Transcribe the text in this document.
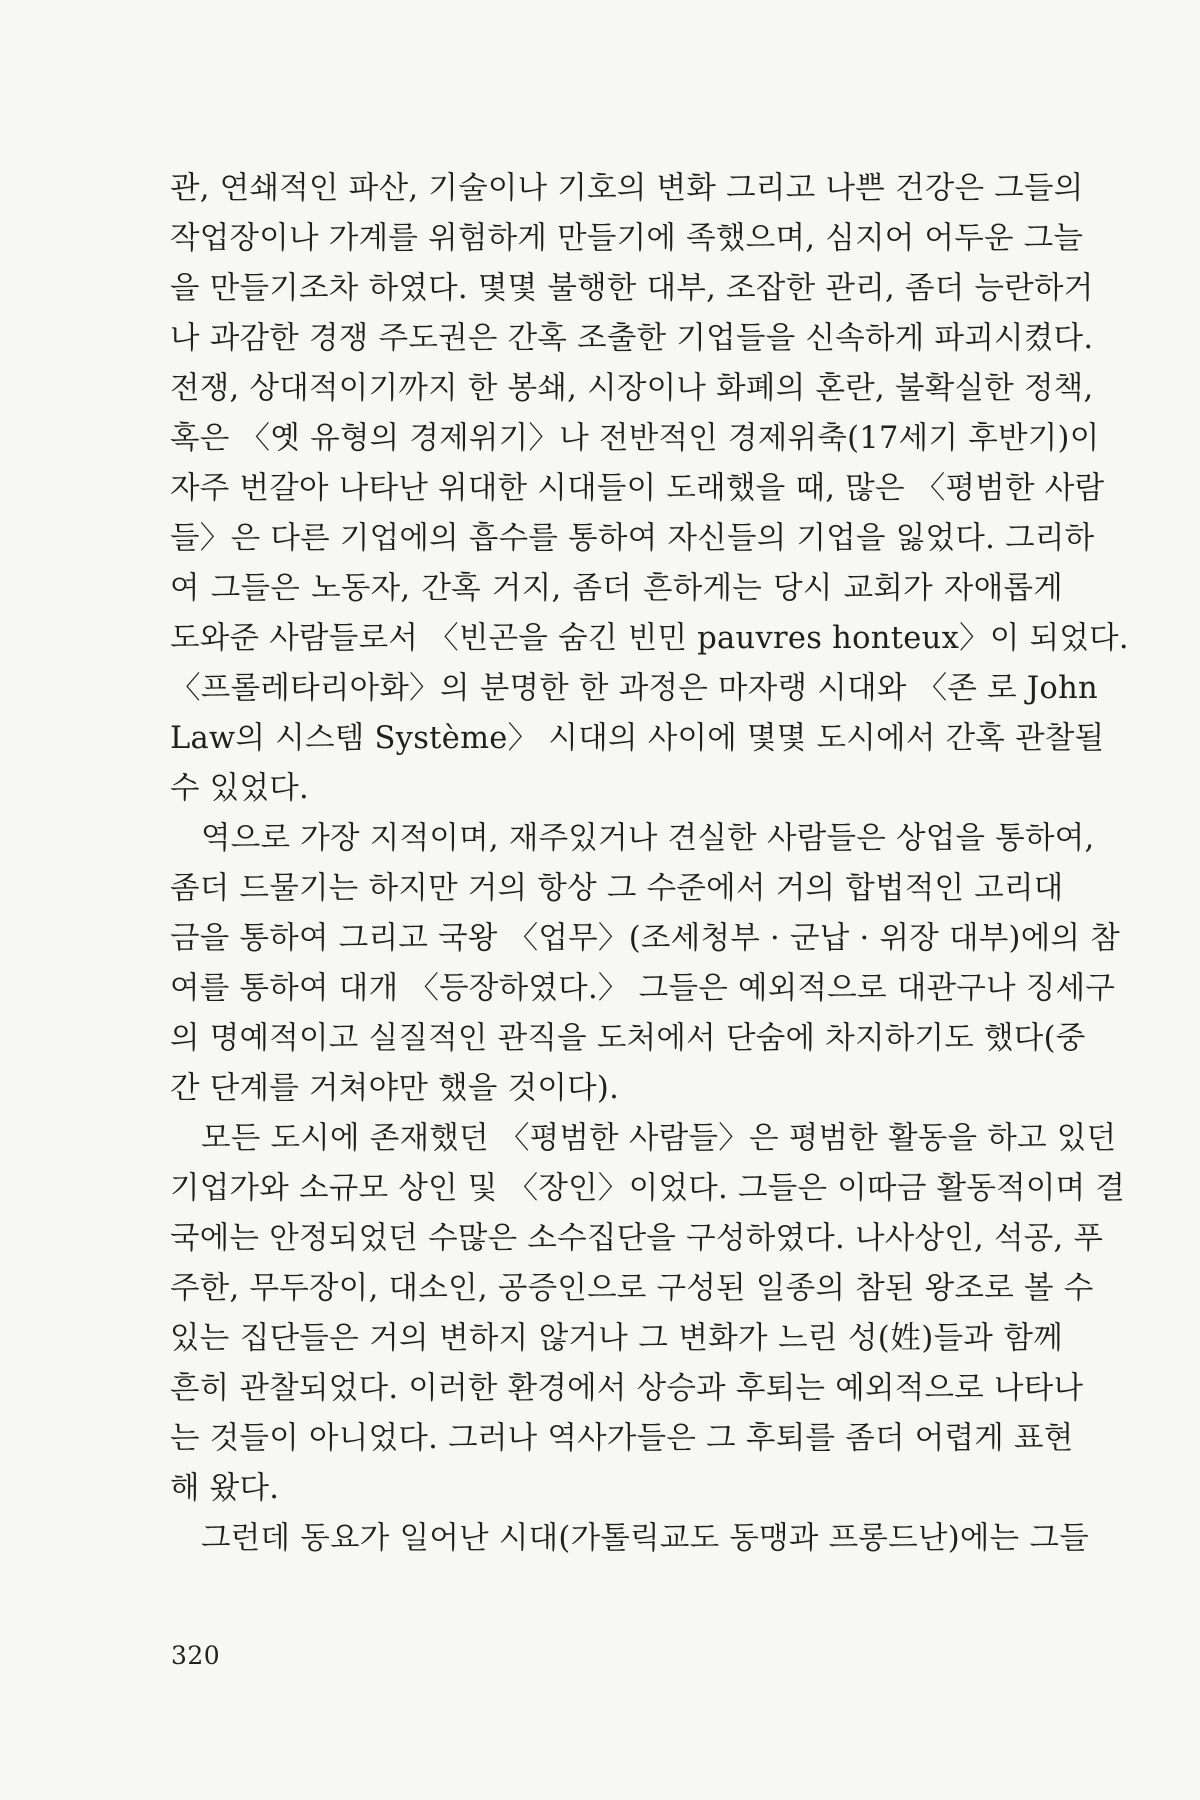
관, 연쇄적인 파산, 기술이나 기호의 변화 그리고 나쁜 건강은 그들의
작업장이나 가계를 위험하게 만들기에 족했으며, 심지어 어두운 그늘
을 만들기조차 하였다. 몇몇 불행한 대부, 조잡한 관리, 좀더 능란하거
나 과감한 경쟁 주도권은 간혹 조출한 기업들을 신속하게 파괴시켰다.
전쟁, 상대적이기까지 한 봉쇄, 시장이나 화폐의 혼란, 불확실한 정책,
혹은 〈옛 유형의 경제위기〉나 전반적인 경제위축(17세기 후반기)이
자주 번갈아 나타난 위대한 시대들이 도래했을 때, 많은 〈평범한 사람
들〉은 다른 기업에의 흡수를 통하여 자신들의 기업을 잃었다. 그리하
여 그들은 노동자, 간혹 거지, 좀더 흔하게는 당시 교회가 자애롭게
도와준 사람들로서 〈빈곤을 숨긴 빈민 pauvres honteux〉이 되었다.
〈프롤레타리아화〉의 분명한 한 과정은 마자랭 시대와 〈존 로 John
Law의 시스템 Système〉 시대의 사이에 몇몇 도시에서 간혹 관찰될
수 있었다.
역으로 가장 지적이며, 재주있거나 견실한 사람들은 상업을 통하여,
좀더 드물기는 하지만 거의 항상 그 수준에서 거의 합법적인 고리대
금을 통하여 그리고 국왕 〈업무〉(조세청부 · 군납 · 위장 대부)에의 참
여를 통하여 대개 〈등장하였다.〉 그들은 예외적으로 대관구나 징세구
의 명예적이고 실질적인 관직을 도처에서 단숨에 차지하기도 했다(중
간 단계를 거쳐야만 했을 것이다).
모든 도시에 존재했던 〈평범한 사람들〉은 평범한 활동을 하고 있던
기업가와 소규모 상인 및 〈장인〉이었다. 그들은 이따금 활동적이며 결
국에는 안정되었던 수많은 소수집단을 구성하였다. 나사상인, 석공, 푸
주한, 무두장이, 대소인, 공증인으로 구성된 일종의 참된 왕조로 볼 수
있는 집단들은 거의 변하지 않거나 그 변화가 느린 성(姓)들과 함께
흔히 관찰되었다. 이러한 환경에서 상승과 후퇴는 예외적으로 나타나
는 것들이 아니었다. 그러나 역사가들은 그 후퇴를 좀더 어렵게 표현
해 왔다.
그런데 동요가 일어난 시대(가톨릭교도 동맹과 프롱드난)에는 그들
320
